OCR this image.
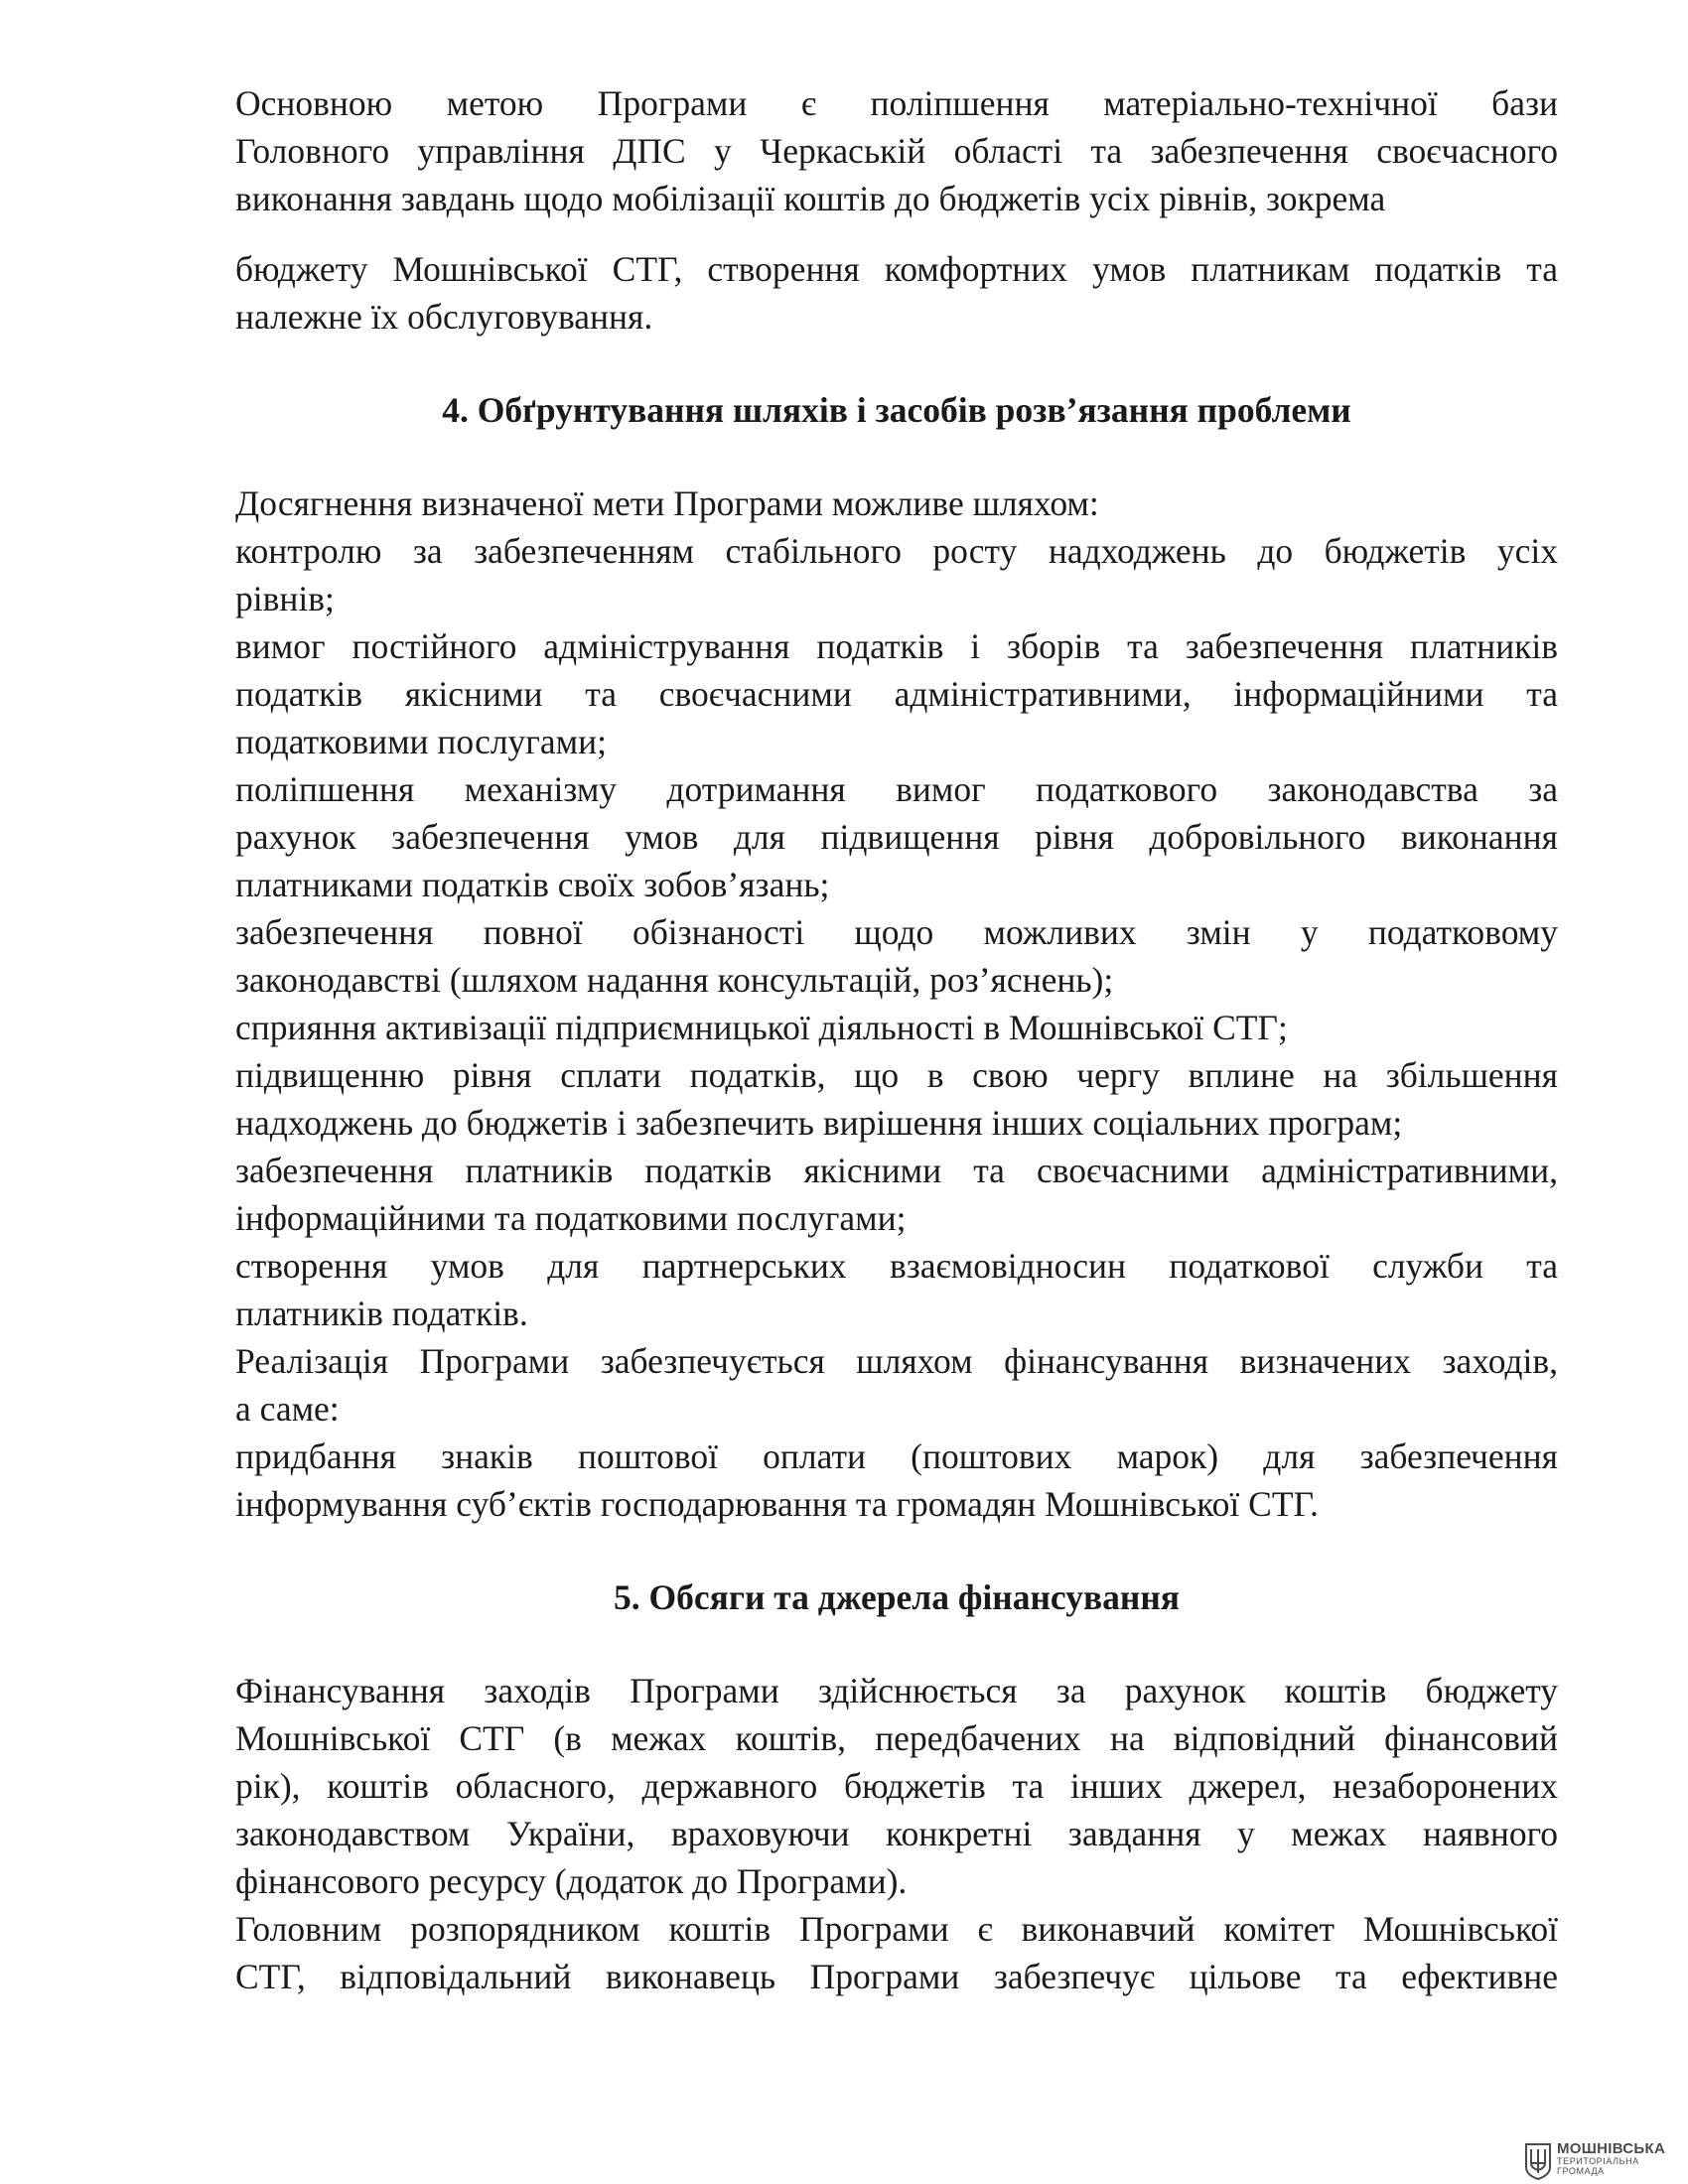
Основною метою Програми є поліпшення матеріально-технічної бази

Головного управління ДПС у Черкаській області та забезпечення своєчасного

виконання завдань щодо мобілізації коштів до бюджетів усіх рівнів, зокрема

бюджету Мошнівської СТГ, створення комфортних умов платникам податків та

належне їх обслуговування.

4. Обґрунтування шляхів і засобів розв’язання проблеми

Досягнення визначеної мети Програми можливе шляхом:

контролю за забезпеченням стабільного росту надходжень до бюджетів усіх

рівнів;

вимог постійного адміністрування податків і зборів та забезпечення платників

податків якісними та своєчасними адміністративними, інформаційними та

податковими послугами;

поліпшення механізму дотримання вимог податкового законодавства за

рахунок забезпечення умов для підвищення рівня добровільного виконання

платниками податків своїх зобов’язань;

забезпечення повної обізнаності щодо можливих змін у податковому

законодавстві (шляхом надання консультацій, роз’яснень);

сприяння активізації підприємницької діяльності в Мошнівської СТГ;

підвищенню рівня сплати податків, що в свою чергу вплине на збільшення

надходжень до бюджетів і забезпечить вирішення інших соціальних програм;

забезпечення платників податків якісними та своєчасними адміністративними,

інформаційними та податковими послугами;

створення умов для партнерських взаємовідносин податкової служби та

платників податків.

Реалізація Програми забезпечується шляхом фінансування визначених заходів,

а саме:

придбання знаків поштової оплати (поштових марок) для забезпечення

інформування суб’єктів господарювання та громадян Мошнівської СТГ.

5. Обсяги та джерела фінансування

Фінансування заходів Програми здійснюється за рахунок коштів бюджету

Мошнівської СТГ (в межах коштів, передбачених на відповідний фінансовий

рік), коштів обласного, державного бюджетів та інших джерел, незаборонених

законодавством України, враховуючи конкретні завдання у межах наявного

фінансового ресурсу (додаток до Програми).

Головним розпорядником коштів Програми є виконавчий комітет Мошнівської

СТГ, відповідальний виконавець Програми забезпечує цільове та ефективне

МОШНІВСЬКА
ТЕРИТОРІАЛЬНА
ГРОМАДА
